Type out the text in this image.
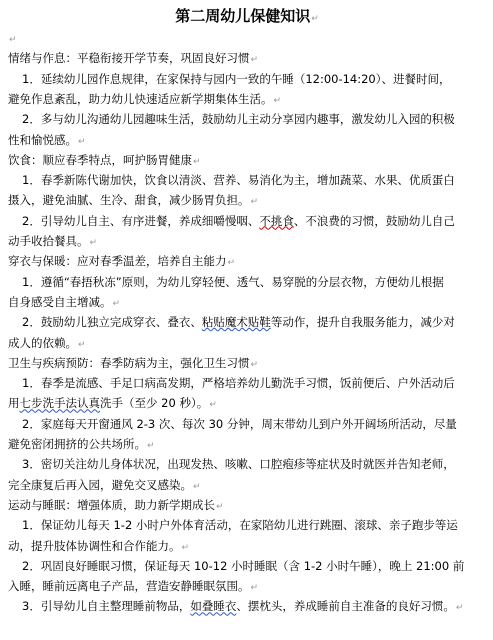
第二周幼儿保健知识↵
↵
情绪与作息：平稳衔接开学节奏，巩固良好习惯↵
1．延续幼儿园作息规律，在家保持与园内一致的午睡（12:00-14:20）、进餐时间，
避免作息紊乱，助力幼儿快速适应新学期集体生活。↵
2．多与幼儿沟通幼儿园趣味生活，鼓励幼儿主动分享园内趣事，激发幼儿入园的积极
性和愉悦感。↵
饮食：顺应春季特点，呵护肠胃健康↵
1．春季新陈代谢加快，饮食以清淡、营养、易消化为主，增加蔬菜、水果、优质蛋白
摄入，避免油腻、生冷、甜食，减少肠胃负担。↵
2．引导幼儿自主、有序进餐，养成细嚼慢咽、不挑食、不浪费的习惯，鼓励幼儿自己
动手收拾餐具。↵
穿衣与保暖：应对春季温差，培养自主能力↵
1．遵循“春捂秋冻”原则，为幼儿穿轻便、透气、易穿脱的分层衣物，方便幼儿根据
自身感受自主增减。↵
2．鼓励幼儿独立完成穿衣、叠衣、粘贴魔术贴鞋等动作，提升自我服务能力，减少对
成人的依赖。↵
卫生与疾病预防：春季防病为主，强化卫生习惯↵
1．春季是流感、手足口病高发期，严格培养幼儿勤洗手习惯，饭前便后、户外活动后
用七步洗手法认真洗手（至少 20 秒）。↵
2．家庭每天开窗通风 2-3 次、每次 30 分钟，周末带幼儿到户外开阔场所活动，尽量
避免密闭拥挤的公共场所。↵
3．密切关注幼儿身体状况，出现发热、咳嗽、口腔疱疹等症状及时就医并告知老师，
完全康复后再入园，避免交叉感染。↵
运动与睡眠：增强体质，助力新学期成长↵
1．保证幼儿每天 1-2 小时户外体育活动，在家陪幼儿进行跳圈、滚球、亲子跑步等运
动，提升肢体协调性和合作能力。↵
2．巩固良好睡眠习惯，保证每天 10-12 小时睡眠（含 1-2 小时午睡），晚上 21:00 前
入睡，睡前远离电子产品，营造安静睡眠氛围。↵
3．引导幼儿自主整理睡前物品，如叠睡衣、摆枕头，养成睡前自主准备的良好习惯。↵
